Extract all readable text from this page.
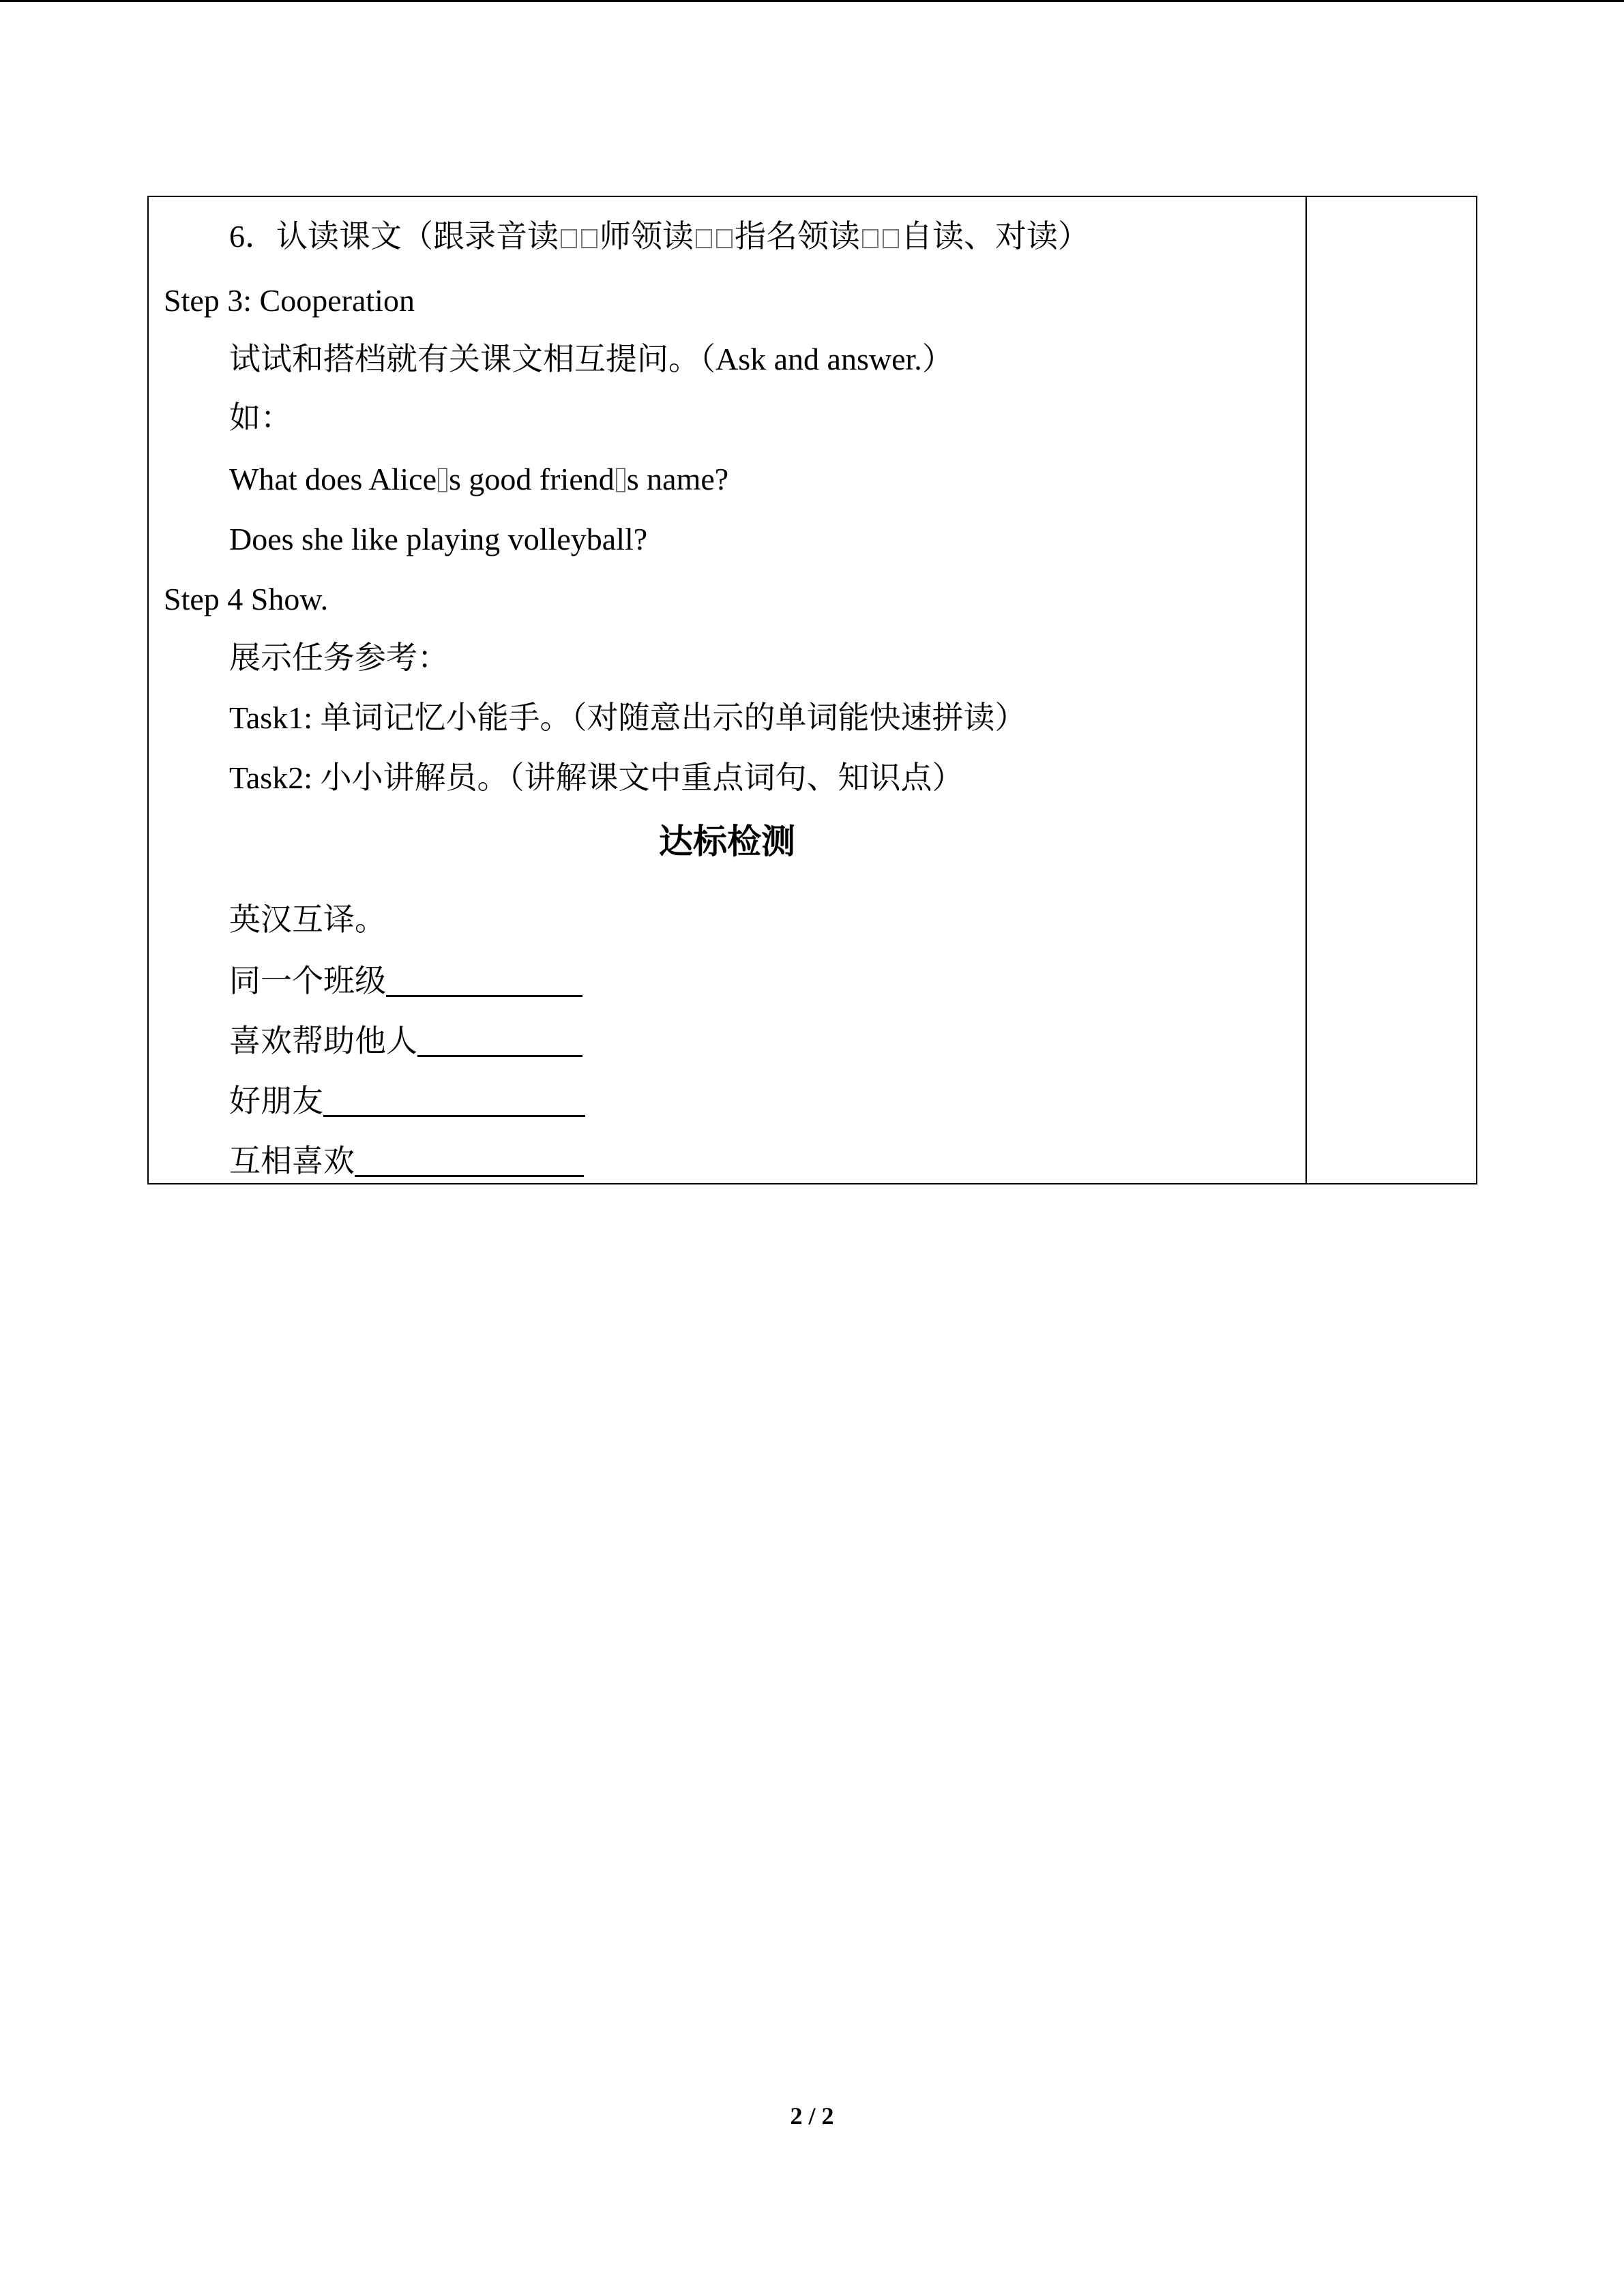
6．认读课文（跟录音读 师领读 指名领读 自读、对读）

Step 3: Cooperation

试试和搭档就有关课文相互提问。（Ask and answer.）

如：

What does Alice s good friend s name?

Does she like playing volleyball?

Step 4 Show.

展示任务参考：

Task1: 单词记忆小能手。（对随意出示的单词能快速拼读）

Task2: 小小讲解员。（讲解课文中重点词句、知识点）

达标检测

英汉互译。

同一个班级

喜欢帮助他人

好朋友

互相喜欢

2 / 2
